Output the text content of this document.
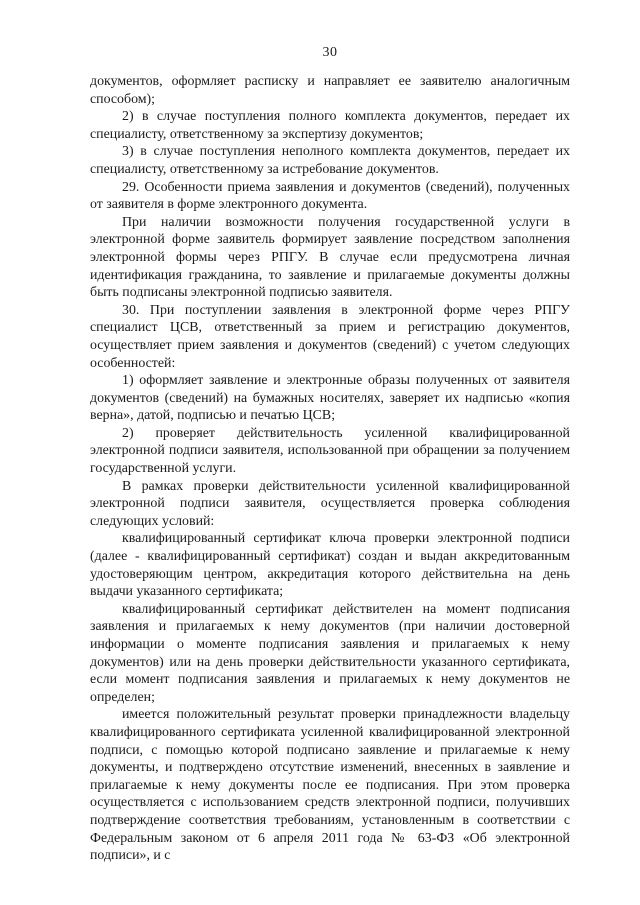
30

документов, оформляет расписку и направляет ее заявителю аналогичным способом);

2) в случае поступления полного комплекта документов, передает их специалисту, ответственному за экспертизу документов;

3) в случае поступления неполного комплекта документов, передает их специалисту, ответственному за истребование документов.

29. Особенности приема заявления и документов (сведений), полученных от заявителя в форме электронного документа.

При наличии возможности получения государственной услуги в электронной форме заявитель формирует заявление посредством заполнения электронной формы через РПГУ. В случае если предусмотрена личная идентификация гражданина, то заявление и прилагаемые документы должны быть подписаны электронной подписью заявителя.

30. При поступлении заявления в электронной форме через РПГУ специалист ЦСВ, ответственный за прием и регистрацию документов, осуществляет прием заявления и документов (сведений) с учетом следующих особенностей:

1) оформляет заявление и электронные образы полученных от заявителя документов (сведений) на бумажных носителях, заверяет их надписью «копия верна», датой, подписью и печатью ЦСВ;

2) проверяет действительность усиленной квалифицированной электронной подписи заявителя, использованной при обращении за получением государственной услуги.

В рамках проверки действительности усиленной квалифицированной электронной подписи заявителя, осуществляется проверка соблюдения следующих условий:

квалифицированный сертификат ключа проверки электронной подписи (далее - квалифицированный сертификат) создан и выдан аккредитованным удостоверяющим центром, аккредитация которого действительна на день выдачи указанного сертификата;

квалифицированный сертификат действителен на момент подписания заявления и прилагаемых к нему документов (при наличии достоверной информации о моменте подписания заявления и прилагаемых к нему документов) или на день проверки действительности указанного сертификата, если момент подписания заявления и прилагаемых к нему документов не определен;

имеется положительный результат проверки принадлежности владельцу квалифицированного сертификата усиленной квалифицированной электронной подписи, с помощью которой подписано заявление и прилагаемые к нему документы, и подтверждено отсутствие изменений, внесенных в заявление и прилагаемые к нему документы после ее подписания. При этом проверка осуществляется с использованием средств электронной подписи, получивших подтверждение соответствия требованиям, установленным в соответствии с Федеральным законом от 6 апреля 2011 года № 63-ФЗ «Об электронной подписи», и с
